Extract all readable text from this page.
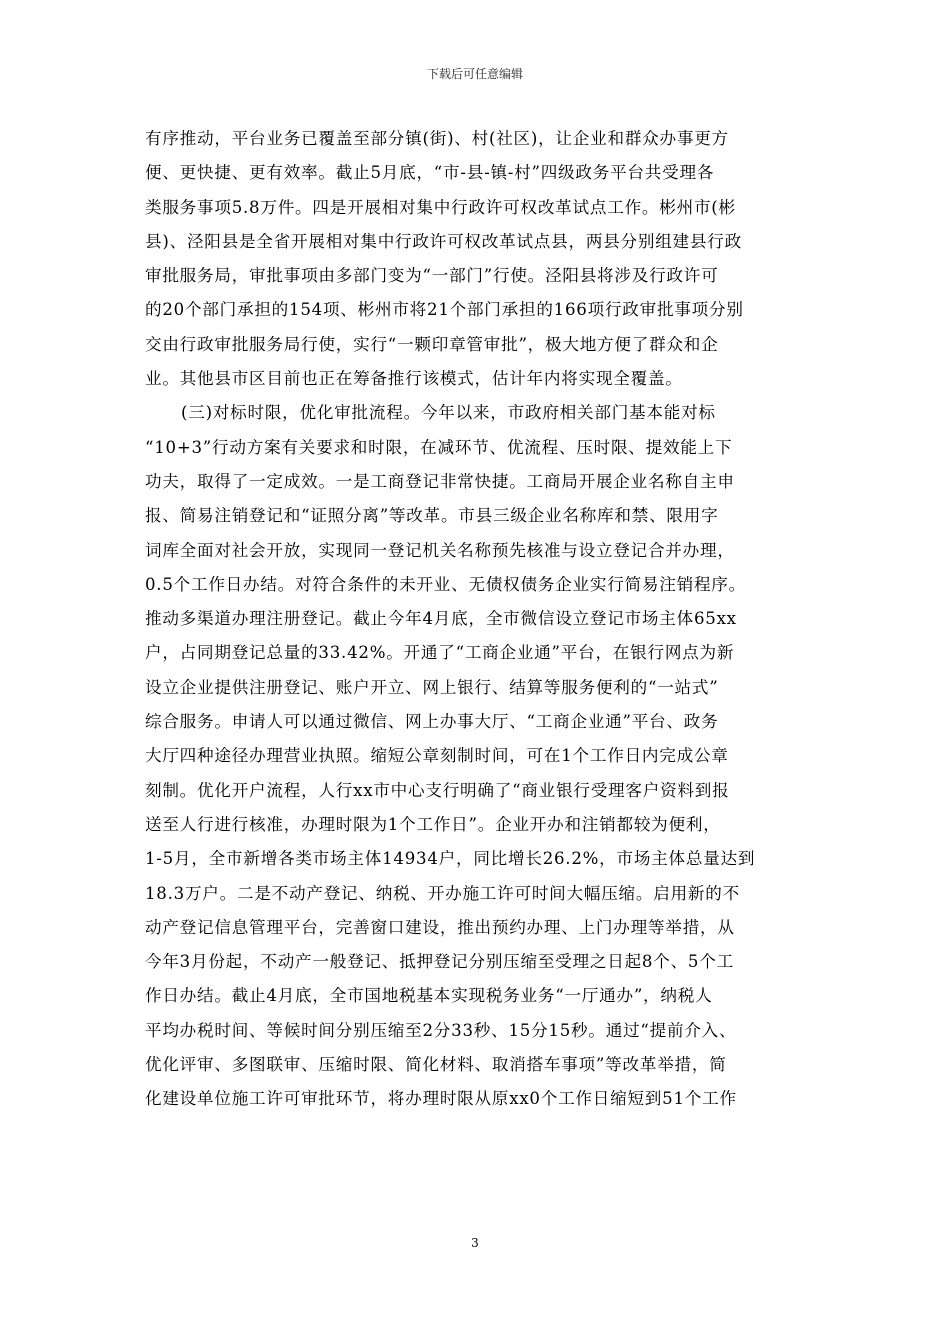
下载后可任意编辑
有序推动，平台业务已覆盖至部分镇(街)、村(社区)，让企业和群众办事更方
便、更快捷、更有效率。截止5月底，“市-县-镇-村”四级政务平台共受理各
类服务事项5.8万件。四是开展相对集中行政许可权改革试点工作。彬州市(彬
县)、泾阳县是全省开展相对集中行政许可权改革试点县，两县分别组建县行政
审批服务局，审批事项由多部门变为“一部门”行使。泾阳县将涉及行政许可
的20个部门承担的154项、彬州市将21个部门承担的166项行政审批事项分别
交由行政审批服务局行使，实行“一颗印章管审批”，极大地方便了群众和企
业。其他县市区目前也正在筹备推行该模式，估计年内将实现全覆盖。
(三)对标时限，优化审批流程。今年以来，市政府相关部门基本能对标
“10+3”行动方案有关要求和时限，在减环节、优流程、压时限、提效能上下
功夫，取得了一定成效。一是工商登记非常快捷。工商局开展企业名称自主申
报、简易注销登记和“证照分离”等改革。市县三级企业名称库和禁、限用字
词库全面对社会开放，实现同一登记机关名称预先核准与设立登记合并办理，
0.5个工作日办结。对符合条件的未开业、无债权债务企业实行简易注销程序。
推动多渠道办理注册登记。截止今年4月底，全市微信设立登记市场主体65xx
户，占同期登记总量的33.42%。开通了“工商企业通”平台，在银行网点为新
设立企业提供注册登记、账户开立、网上银行、结算等服务便利的“一站式”
综合服务。申请人可以通过微信、网上办事大厅、“工商企业通”平台、政务
大厅四种途径办理营业执照。缩短公章刻制时间，可在1个工作日内完成公章
刻制。优化开户流程，人行xx市中心支行明确了“商业银行受理客户资料到报
送至人行进行核准，办理时限为1个工作日”。企业开办和注销都较为便利，
1-5月，全市新增各类市场主体14934户，同比增长26.2%，市场主体总量达到
18.3万户。二是不动产登记、纳税、开办施工许可时间大幅压缩。启用新的不
动产登记信息管理平台，完善窗口建设，推出预约办理、上门办理等举措，从
今年3月份起，不动产一般登记、抵押登记分别压缩至受理之日起8个、5个工
作日办结。截止4月底，全市国地税基本实现税务业务“一厅通办”，纳税人
平均办税时间、等候时间分别压缩至2分33秒、15分15秒。通过“提前介入、
优化评审、多图联审、压缩时限、简化材料、取消搭车事项”等改革举措，简
化建设单位施工许可审批环节，将办理时限从原xx0个工作日缩短到51个工作
3
